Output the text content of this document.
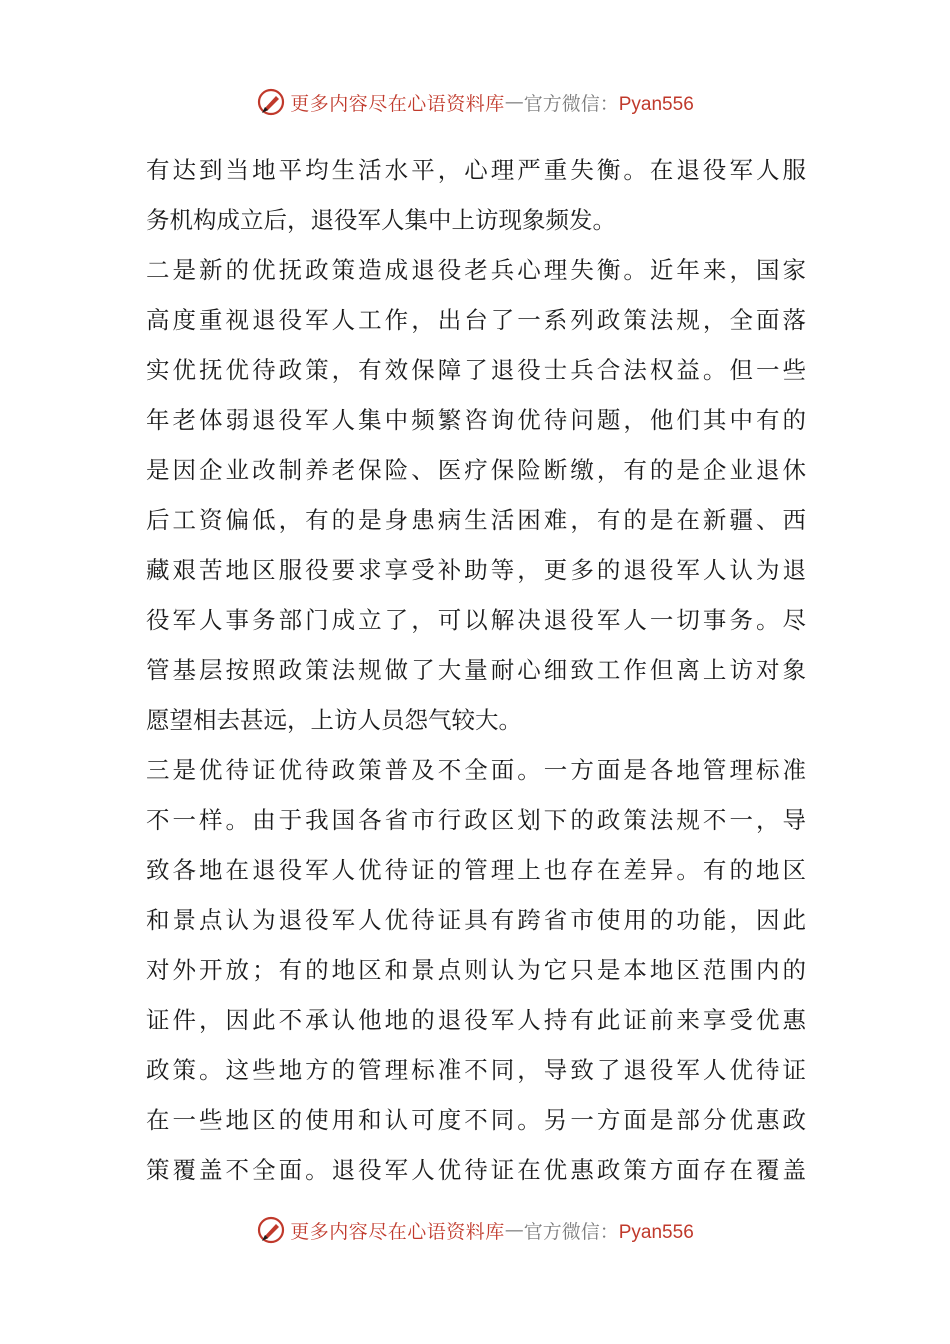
更多内容尽在心语资料库 — 官方微信：Pyan556
有达到当地平均生活水平，心理严重失衡。在退役军人服
务机构成立后，退役军人集中上访现象频发。
二是新的优抚政策造成退役老兵心理失衡。近年来，国家
高度重视退役军人工作，出台了一系列政策法规，全面落
实优抚优待政策，有效保障了退役士兵合法权益。但一些
年老体弱退役军人集中频繁咨询优待问题，他们其中有的
是因企业改制养老保险、医疗保险断缴，有的是企业退休
后工资偏低，有的是身患病生活困难，有的是在新疆、西
藏艰苦地区服役要求享受补助等，更多的退役军人认为退
役军人事务部门成立了，可以解决退役军人一切事务。尽
管基层按照政策法规做了大量耐心细致工作但离上访对象
愿望相去甚远，上访人员怨气较大。
三是优待证优待政策普及不全面。一方面是各地管理标准
不一样。由于我国各省市行政区划下的政策法规不一，导
致各地在退役军人优待证的管理上也存在差异。有的地区
和景点认为退役军人优待证具有跨省市使用的功能，因此
对外开放；有的地区和景点则认为它只是本地区范围内的
证件，因此不承认他地的退役军人持有此证前来享受优惠
政策。这些地方的管理标准不同，导致了退役军人优待证
在一些地区的使用和认可度不同。另一方面是部分优惠政
策覆盖不全面。退役军人优待证在优惠政策方面存在覆盖
更多内容尽在心语资料库 — 官方微信：Pyan556
